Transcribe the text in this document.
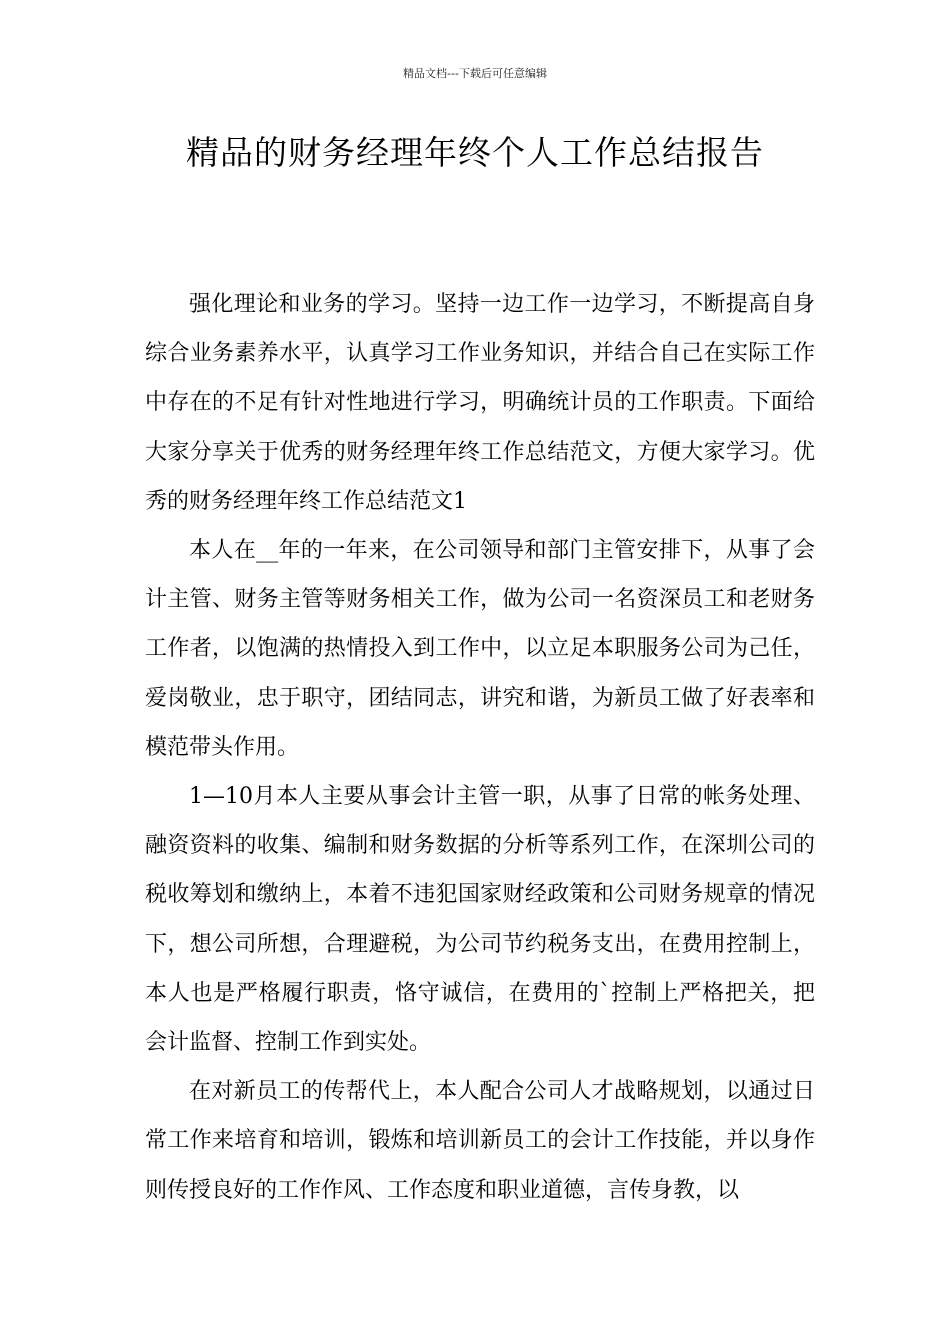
精品文档---下载后可任意编辑
精品的财务经理年终个人工作总结报告

强化理论和业务的学习。坚持一边工作一边学习，不断提高自身综合业务素养水平，认真学习工作业务知识，并结合自己在实际工作中存在的不足有针对性地进行学习，明确统计员的工作职责。下面给大家分享关于优秀的财务经理年终工作总结范文，方便大家学习。优秀的财务经理年终工作总结范文1

本人在__年的一年来，在公司领导和部门主管安排下，从事了会计主管、财务主管等财务相关工作，做为公司一名资深员工和老财务工作者，以饱满的热情投入到工作中，以立足本职服务公司为己任，爱岗敬业，忠于职守，团结同志，讲究和谐，为新员工做了好表率和模范带头作用。

1—10月本人主要从事会计主管一职，从事了日常的帐务处理、融资资料的收集、编制和财务数据的分析等系列工作，在深圳公司的税收筹划和缴纳上，本着不违犯国家财经政策和公司财务规章的情况下，想公司所想，合理避税，为公司节约税务支出，在费用控制上，本人也是严格履行职责，恪守诚信，在费用的`控制上严格把关，把会计监督、控制工作到实处。

在对新员工的传帮代上，本人配合公司人才战略规划，以通过日常工作来培育和培训，锻炼和培训新员工的会计工作技能，并以身作则传授良好的工作作风、工作态度和职业道德，言传身教，以
